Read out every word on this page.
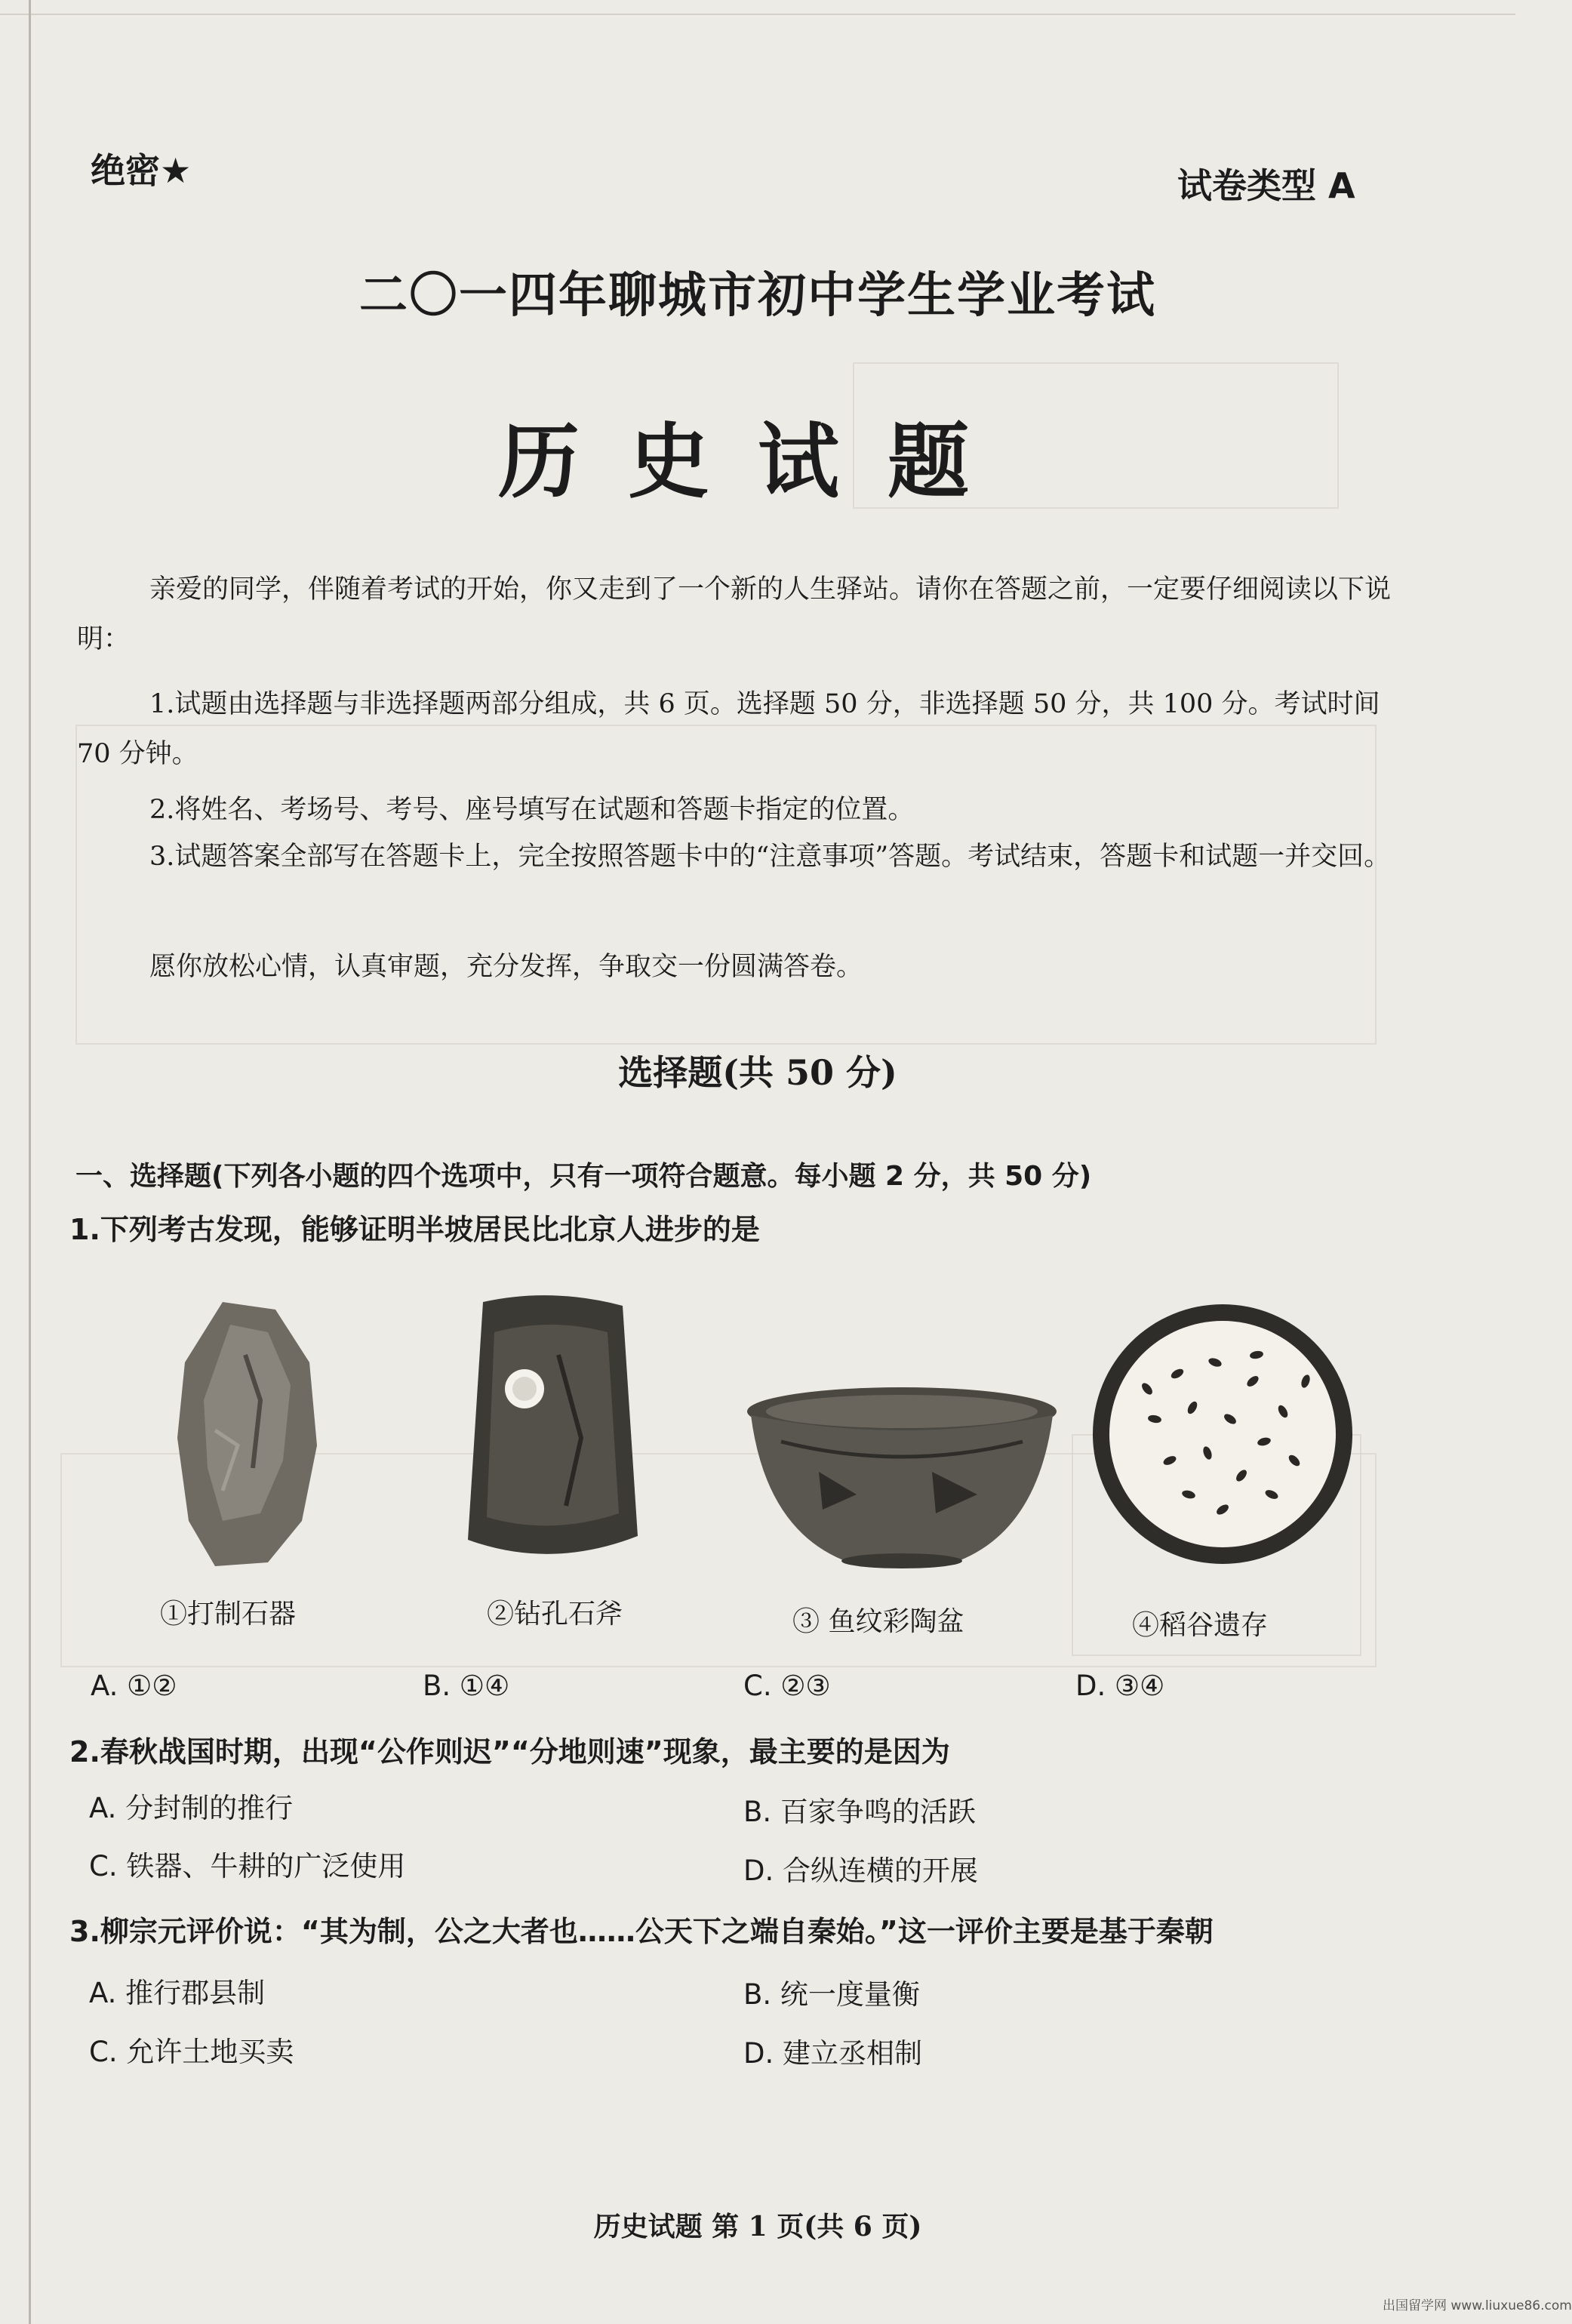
绝密★	试卷类型 A
二〇一四年聊城市初中学生学业考试
历史试题
亲爱的同学，伴随着考试的开始，你又走到了一个新的人生驿站。请你在答题之前，一定要仔细阅读以下说明：
1.试题由选择题与非选择题两部分组成，共 6 页。选择题 50 分，非选择题 50 分，共 100 分。考试时间 70 分钟。
2.将姓名、考场号、考号、座号填写在试题和答题卡指定的位置。
3.试题答案全部写在答题卡上，完全按照答题卡中的“注意事项”答题。考试结束，答题卡和试题一并交回。
愿你放松心情，认真审题，充分发挥，争取交一份圆满答卷。
选择题(共 50 分)
一、选择题(下列各小题的四个选项中，只有一项符合题意。每小题 2 分，共 50 分)
1.下列考古发现，能够证明半坡居民比北京人进步的是
①打制石器	②钻孔石斧	③ 鱼纹彩陶盆	④稻谷遗存
A. ①②	B. ①④	C. ②③	D. ③④
2.春秋战国时期，出现“公作则迟”“分地则速”现象，最主要的是因为
A. 分封制的推行	B. 百家争鸣的活跃
C. 铁器、牛耕的广泛使用	D. 合纵连横的开展
3.柳宗元评价说：“其为制，公之大者也……公天下之端自秦始。”这一评价主要是基于秦朝
A. 推行郡县制	B. 统一度量衡
C. 允许土地买卖	D. 建立丞相制
历史试题 第 1 页(共 6 页)
出国留学网 www.liuxue86.com
